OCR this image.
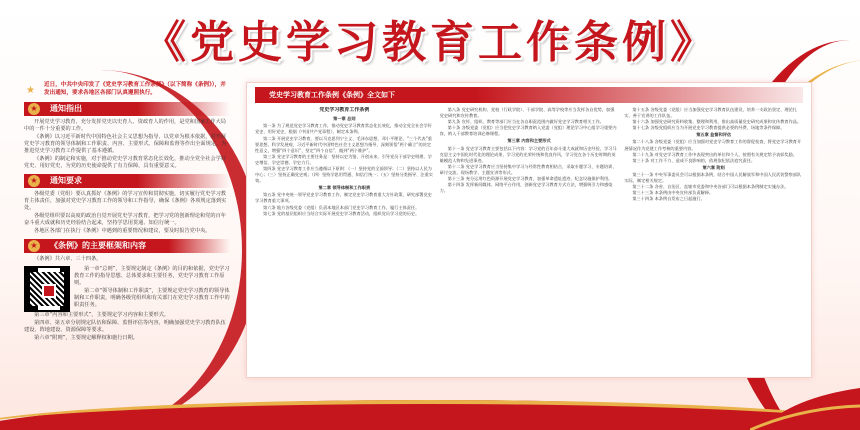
《党史学习教育工作条例》
★ 近日，中共中央印发了《党史学习教育工作条例》（以下简称《条例》），并发出通知，要求各地区各部门认真遵照执行。
★	通知指出
开展党史学习教育，充分发挥党史以史育人、资政育人的作用，是党和国家工作大局中的一件十分重要的工作。
《条例》以习近平新时代中国特色社会主义思想为指导，以党章为根本依据，对开展党史学习教育的领导体制和工作职责、内容、主要形式、保障和监督等作出全面规定，为推进党史学习教育工作提供了基本遵循。
《条例》的制定和实施，对于推动党史学习教育常态化长效化，推动全党全社会学好党史、用好党史，为党的历史使命提供了有力保障，具有重要意义。
★	通知要求
各级党委（党组）要认真抓好《条例》的学习宣传和贯彻实施，切实履行党史学习教育主体责任，加强对党史学习教育工作的领导和工作指导，确保《条例》各项规定落到实处。
各级党组织要以高度的政治自觉开展党史学习教育，把学习党的创新理论和党的百年奋斗重大成就和历史经验结合起来，坚持学思用贯通、知信行统一。
各地区各部门在执行《条例》中遇到的重要情况和建议，要及时报告党中央。
★	《条例》的主要框架和内容
《条例》共六章、三十四条。
第一章“总则”，主要规定制定《条例》的目的和依据，党史学习教育工作的指导思想、总体要求和主要任务，党史学习教育工作原则。
第二章“领导体制和工作职责”，主要规定党史学习教育的领导体制和工作职责，明确各级党组织和有关部门在党史学习教育工作中的职责任务。
第三章“内容和主要形式”，主要规定学习内容和主要形式。
第四章、第五章分别规定队伍和保障、监督评估等内容，明确加强党史学习教育队伍建设、阵地建设、资源保障等要求。
第六章“附则”，主要规定解释权和施行日期。
党史学习教育工作条例《条例》全文如下
党史学习教育工作条例
第一章 总则

第一条 为了规范党史学习教育工作，推动党史学习教育常态化长效化，推动全党全社会学好党史、用好党史，根据《中国共产党章程》，制定本条例。

第二条 开展党史学习教育，要以马克思列宁主义、毛泽东思想、邓小平理论、“三个代表”重要思想、科学发展观、习近平新时代中国特色社会主义思想为指导，深刻领悟“两个确立”的决定性意义，增强“四个意识”、坚定“四个自信”、做到“两个维护”。

第三条 党史学习教育的主要任务是：坚持以史为鉴、开创未来，引导党员干部学史明理、学史增信、学史崇德、学史力行。

第四条 党史学习教育工作应当遵循以下原则：（一）坚持党的全面领导；（二）坚持以人民为中心；（三）坚持正确党史观；（四）坚持学思用贯通、知信行统一；（五）坚持分类指导、注重实效。

第二章 领导体制和工作职责

第五条 党中央统一领导党史学习教育工作，制定党史学习教育重大方针政策，研究部署党史学习教育重大事项。

第六条 地方各级党委（党组）负责本地区本部门党史学习教育工作，履行主体责任。

第七条 党的基层组织应当结合实际开展党史学习教育活动，组织党员学习党的历史。

第八条 党史研究机构、党校（行政学院）、干部学院、高等学校等应当发挥各自优势，加强党史研究和宣传教育。

第九条 宣传、组织、教育等部门应当在各自职责范围内做好党史学习教育相关工作。

第十条 各级党委（党组）应当把党史学习教育纳入党委（党组）理论学习中心组学习重要内容，纳入干部教育培训必修课程。

第三章 内容和主要形式

第十一条 党史学习教育主要包括以下内容：学习党的百年奋斗重大成就和历史经验，学习马克思主义中国化时代化的理论成果，学习党的光荣传统和优良作风，学习党在各个历史时期的英雄模范人物和先进事迹。

第十二条 党史学习教育应当坚持集中学习与经常性教育相结合，采取专题学习、专题培训、研讨交流、现场教学、主题宣讲等形式。

第十三条 充分运用红色资源开展党史学习教育，加强革命遗址遗迹、纪念设施保护利用。

第十四条 发挥新闻媒体、网络平台作用，创新党史学习教育方式方法，增强吸引力和感染力。

第十五条 各级党委（党组）应当加强党史学习教育队伍建设，培养一支政治坚定、理论扎实、善于宣讲的工作队伍。

第十六条 加强党史研究资料收集、整理和利用，推出高质量党史研究成果和宣传教育作品。

第十七条 各级党组织应当为开展党史学习教育提供必要的经费、场地等条件保障。

第五章 监督和评估

第二十八条 各级党委（党组）应当加强对党史学习教育工作的督促检查，将党史学习教育开展情况作为党建工作考核的重要内容。

第二十九条 对党史学习教育工作中表现突出的单位和个人，按照有关规定给予表彰奖励。

第三十条 对工作不力、造成不良影响的，依规依纪依法追究责任。

第六章 附则

第三十一条 中央军事委员会可以根据本条例，结合中国人民解放军和中国人民武装警察部队实际，制定相关规定。

第三十二条 各省、自治区、直辖市党委和中央各部门可以根据本条例制定实施办法。

第三十三条 本条例由中央宣传部负责解释。

第三十四条 本条例自发布之日起施行。
